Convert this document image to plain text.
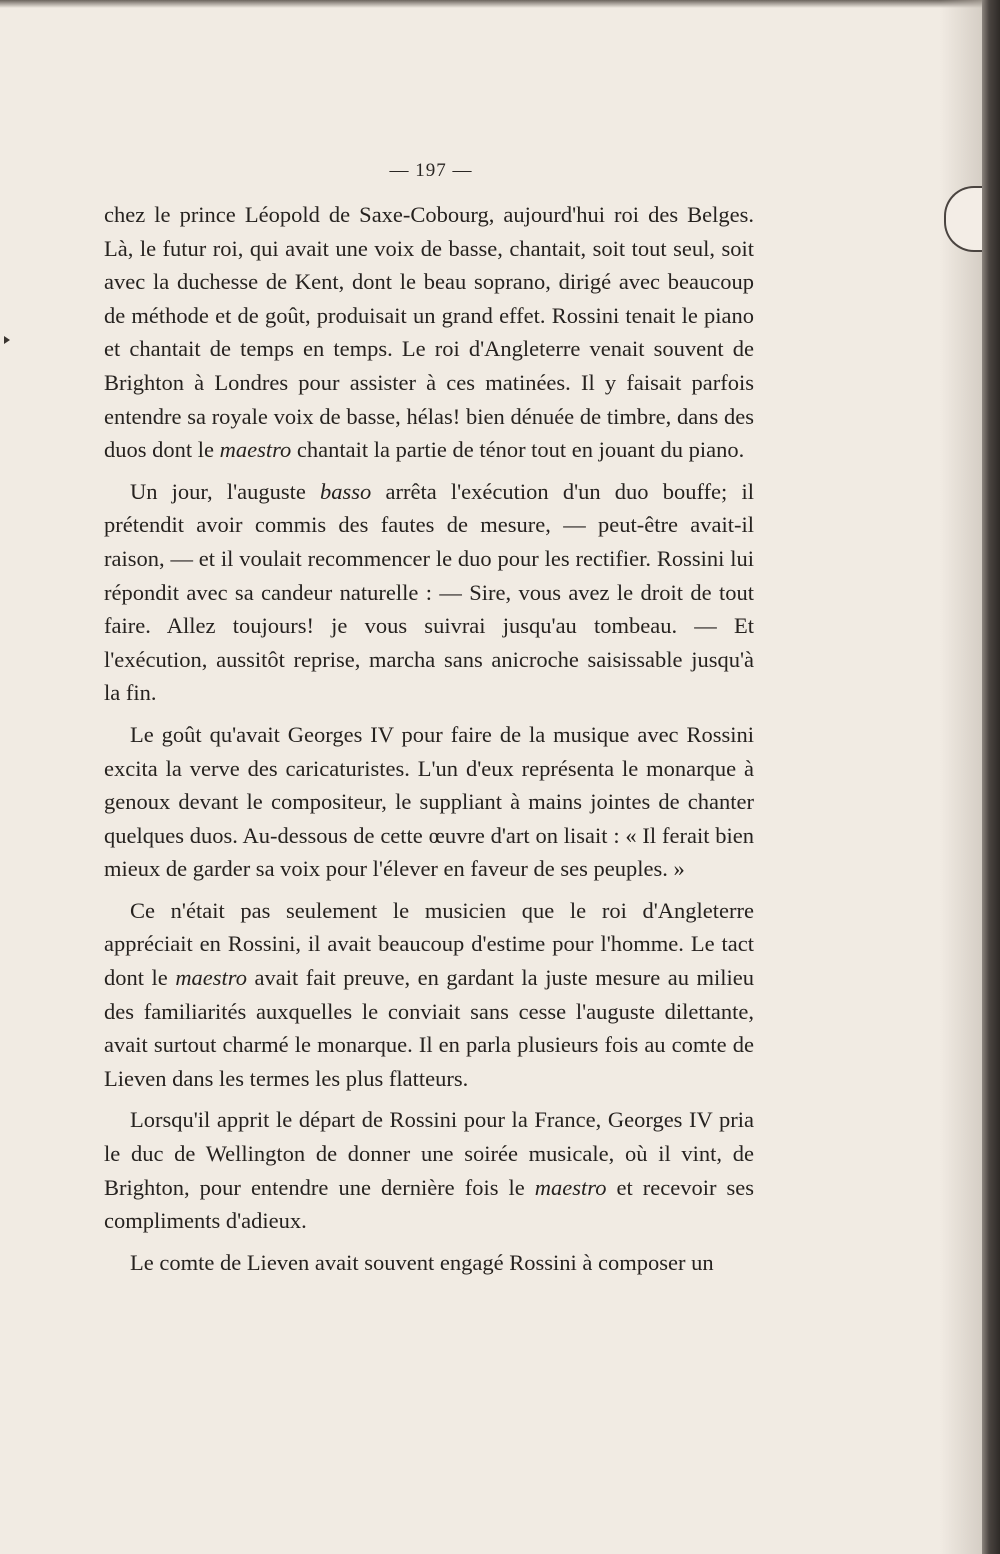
— 197 —

chez le prince Léopold de Saxe-Cobourg, aujourd'hui roi des Belges. Là, le futur roi, qui avait une voix de basse, chantait, soit tout seul, soit avec la duchesse de Kent, dont le beau soprano, dirigé avec beaucoup de méthode et de goût, produisait un grand effet. Rossini tenait le piano et chantait de temps en temps. Le roi d'Angleterre venait souvent de Brighton à Londres pour assister à ces matinées. Il y faisait parfois entendre sa royale voix de basse, hélas! bien dénuée de timbre, dans des duos dont le maestro chantait la partie de ténor tout en jouant du piano.

Un jour, l'auguste basso arrêta l'exécution d'un duo bouffe; il prétendit avoir commis des fautes de mesure, — peut-être avait-il raison, — et il voulait recommencer le duo pour les rectifier. Rossini lui répondit avec sa candeur naturelle : — Sire, vous avez le droit de tout faire. Allez toujours! je vous suivrai jusqu'au tombeau. — Et l'exécution, aussitôt reprise, marcha sans anicroche saisissable jusqu'à la fin.

Le goût qu'avait Georges IV pour faire de la musique avec Rossini excita la verve des caricaturistes. L'un d'eux représenta le monarque à genoux devant le compositeur, le suppliant à mains jointes de chanter quelques duos. Au-dessous de cette œuvre d'art on lisait : « Il ferait bien mieux de garder sa voix pour l'élever en faveur de ses peuples. »

Ce n'était pas seulement le musicien que le roi d'Angleterre appréciait en Rossini, il avait beaucoup d'estime pour l'homme. Le tact dont le maestro avait fait preuve, en gardant la juste mesure au milieu des familiarités auxquelles le conviait sans cesse l'auguste dilettante, avait surtout charmé le monarque. Il en parla plusieurs fois au comte de Lieven dans les termes les plus flatteurs.

Lorsqu'il apprit le départ de Rossini pour la France, Georges IV pria le duc de Wellington de donner une soirée musicale, où il vint, de Brighton, pour entendre une dernière fois le maestro et recevoir ses compliments d'adieux.

Le comte de Lieven avait souvent engagé Rossini à composer un
